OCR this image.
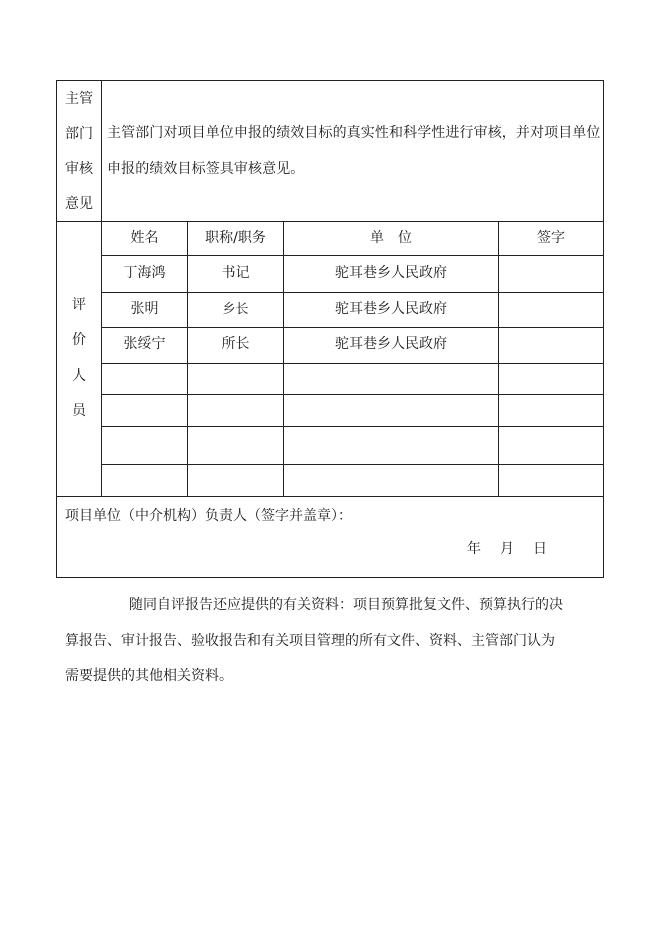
主管
部门
审核
意见
主管部门对项目单位申报的绩效目标的真实性和科学性进行审核，并对项目单位申报的绩效目标签具审核意见。
评
价
人
员
姓名	职称/职务	单　位	签字
丁海鸿	书记	驼耳巷乡人民政府
张明	乡长	驼耳巷乡人民政府
张绥宁	所长	驼耳巷乡人民政府
项目单位（中介机构）负责人（签字并盖章）：
年 月 日
随同自评报告还应提供的有关资料：项目预算批复文件、预算执行的决算报告、审计报告、验收报告和有关项目管理的所有文件、资料、主管部门认为需要提供的其他相关资料。
